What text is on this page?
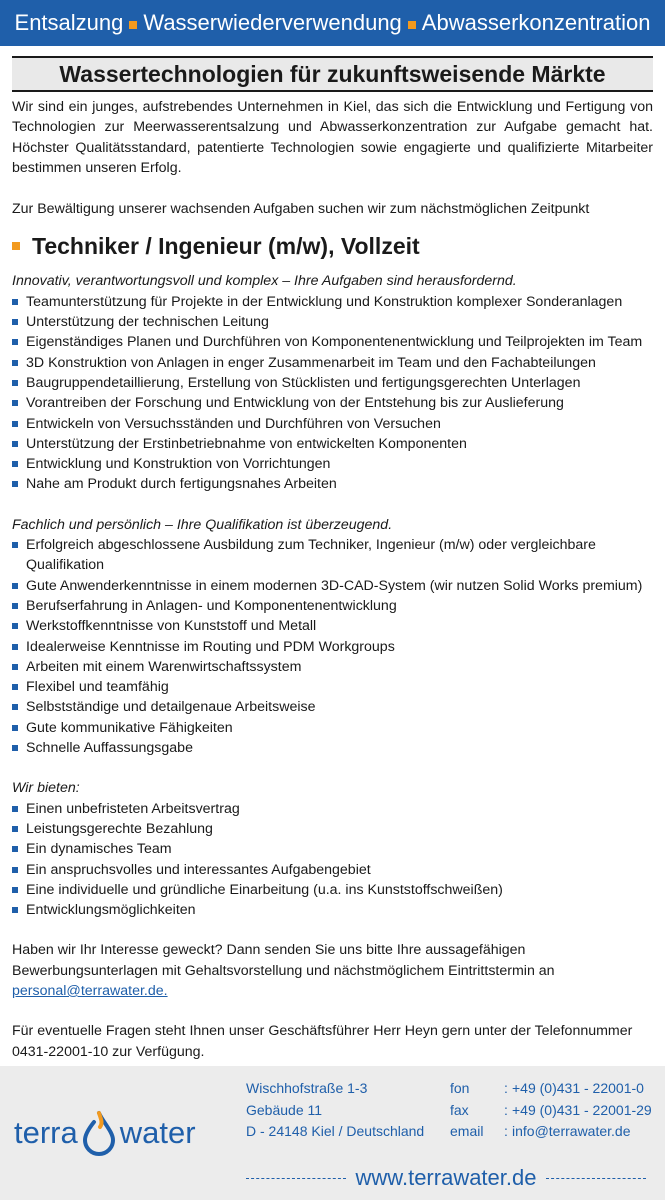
Entsalzung Wasserwiederverwendung Abwasserkonzentration
Wassertechnologien für zukunftsweisende Märkte

Wir sind ein junges, aufstrebendes Unternehmen in Kiel, das sich die Entwicklung und Fertigung von Technologien zur Meerwasserentsalzung und Abwasserkonzentration zur Aufgabe gemacht hat. Höchster Qualitätsstandard, patentierte Technologien sowie engagierte und qualifizierte Mitarbeiter bestimmen unseren Erfolg.

Zur Bewältigung unserer wachsenden Aufgaben suchen wir zum nächstmöglichen Zeitpunkt

Techniker / Ingenieur (m/w), Vollzeit

Innovativ, verantwortungsvoll und komplex – Ihre Aufgaben sind herausfordernd.

Teamunterstützung für Projekte in der Entwicklung und Konstruktion komplexer Sonderanlagen
Unterstützung der technischen Leitung
Eigenständiges Planen und Durchführen von Komponentenentwicklung und Teilprojekten im Team
3D Konstruktion von Anlagen in enger Zusammenarbeit im Team und den Fachabteilungen
Baugruppendetaillierung, Erstellung von Stücklisten und fertigungsgerechten Unterlagen
Vorantreiben der Forschung und Entwicklung von der Entstehung bis zur Auslieferung
Entwickeln von Versuchsständen und Durchführen von Versuchen
Unterstützung der Erstinbetriebnahme von entwickelten Komponenten
Entwicklung und Konstruktion von Vorrichtungen
Nahe am Produkt durch fertigungsnahes Arbeiten

Fachlich und persönlich – Ihre Qualifikation ist überzeugend.

Erfolgreich abgeschlossene Ausbildung zum Techniker, Ingenieur (m/w) oder vergleichbare Qualifikation
Gute Anwenderkenntnisse in einem modernen 3D-CAD-System (wir nutzen Solid Works premium)
Berufserfahrung in Anlagen- und Komponentenentwicklung
Werkstoffkenntnisse von Kunststoff und Metall
Idealerweise Kenntnisse im Routing und PDM Workgroups
Arbeiten mit einem Warenwirtschaftssystem
Flexibel und teamfähig
Selbstständige und detailgenaue Arbeitsweise
Gute kommunikative Fähigkeiten
Schnelle Auffassungsgabe

Wir bieten:

Einen unbefristeten Arbeitsvertrag
Leistungsgerechte Bezahlung
Ein dynamisches Team
Ein anspruchsvolles und interessantes Aufgabengebiet
Eine individuelle und gründliche Einarbeitung (u.a. ins Kunststoffschweißen)
Entwicklungsmöglichkeiten

Haben wir Ihr Interesse geweckt? Dann senden Sie uns bitte Ihre aussagefähigen Bewerbungsunterlagen mit Gehaltsvorstellung und nächstmöglichem Eintrittstermin an personal@terrawater.de.

Für eventuelle Fragen steht Ihnen unser Geschäftsführer Herr Heyn gern unter der Telefonnummer 0431-22001-10 zur Verfügung.

terra water
Wischhofstraße 1-3
Gebäude 11
D - 24148 Kiel / Deutschland
fon	: +49 (0)431 - 22001-0
fax	: +49 (0)431 - 22001-29
email	: info@terrawater.de
www.terrawater.de
